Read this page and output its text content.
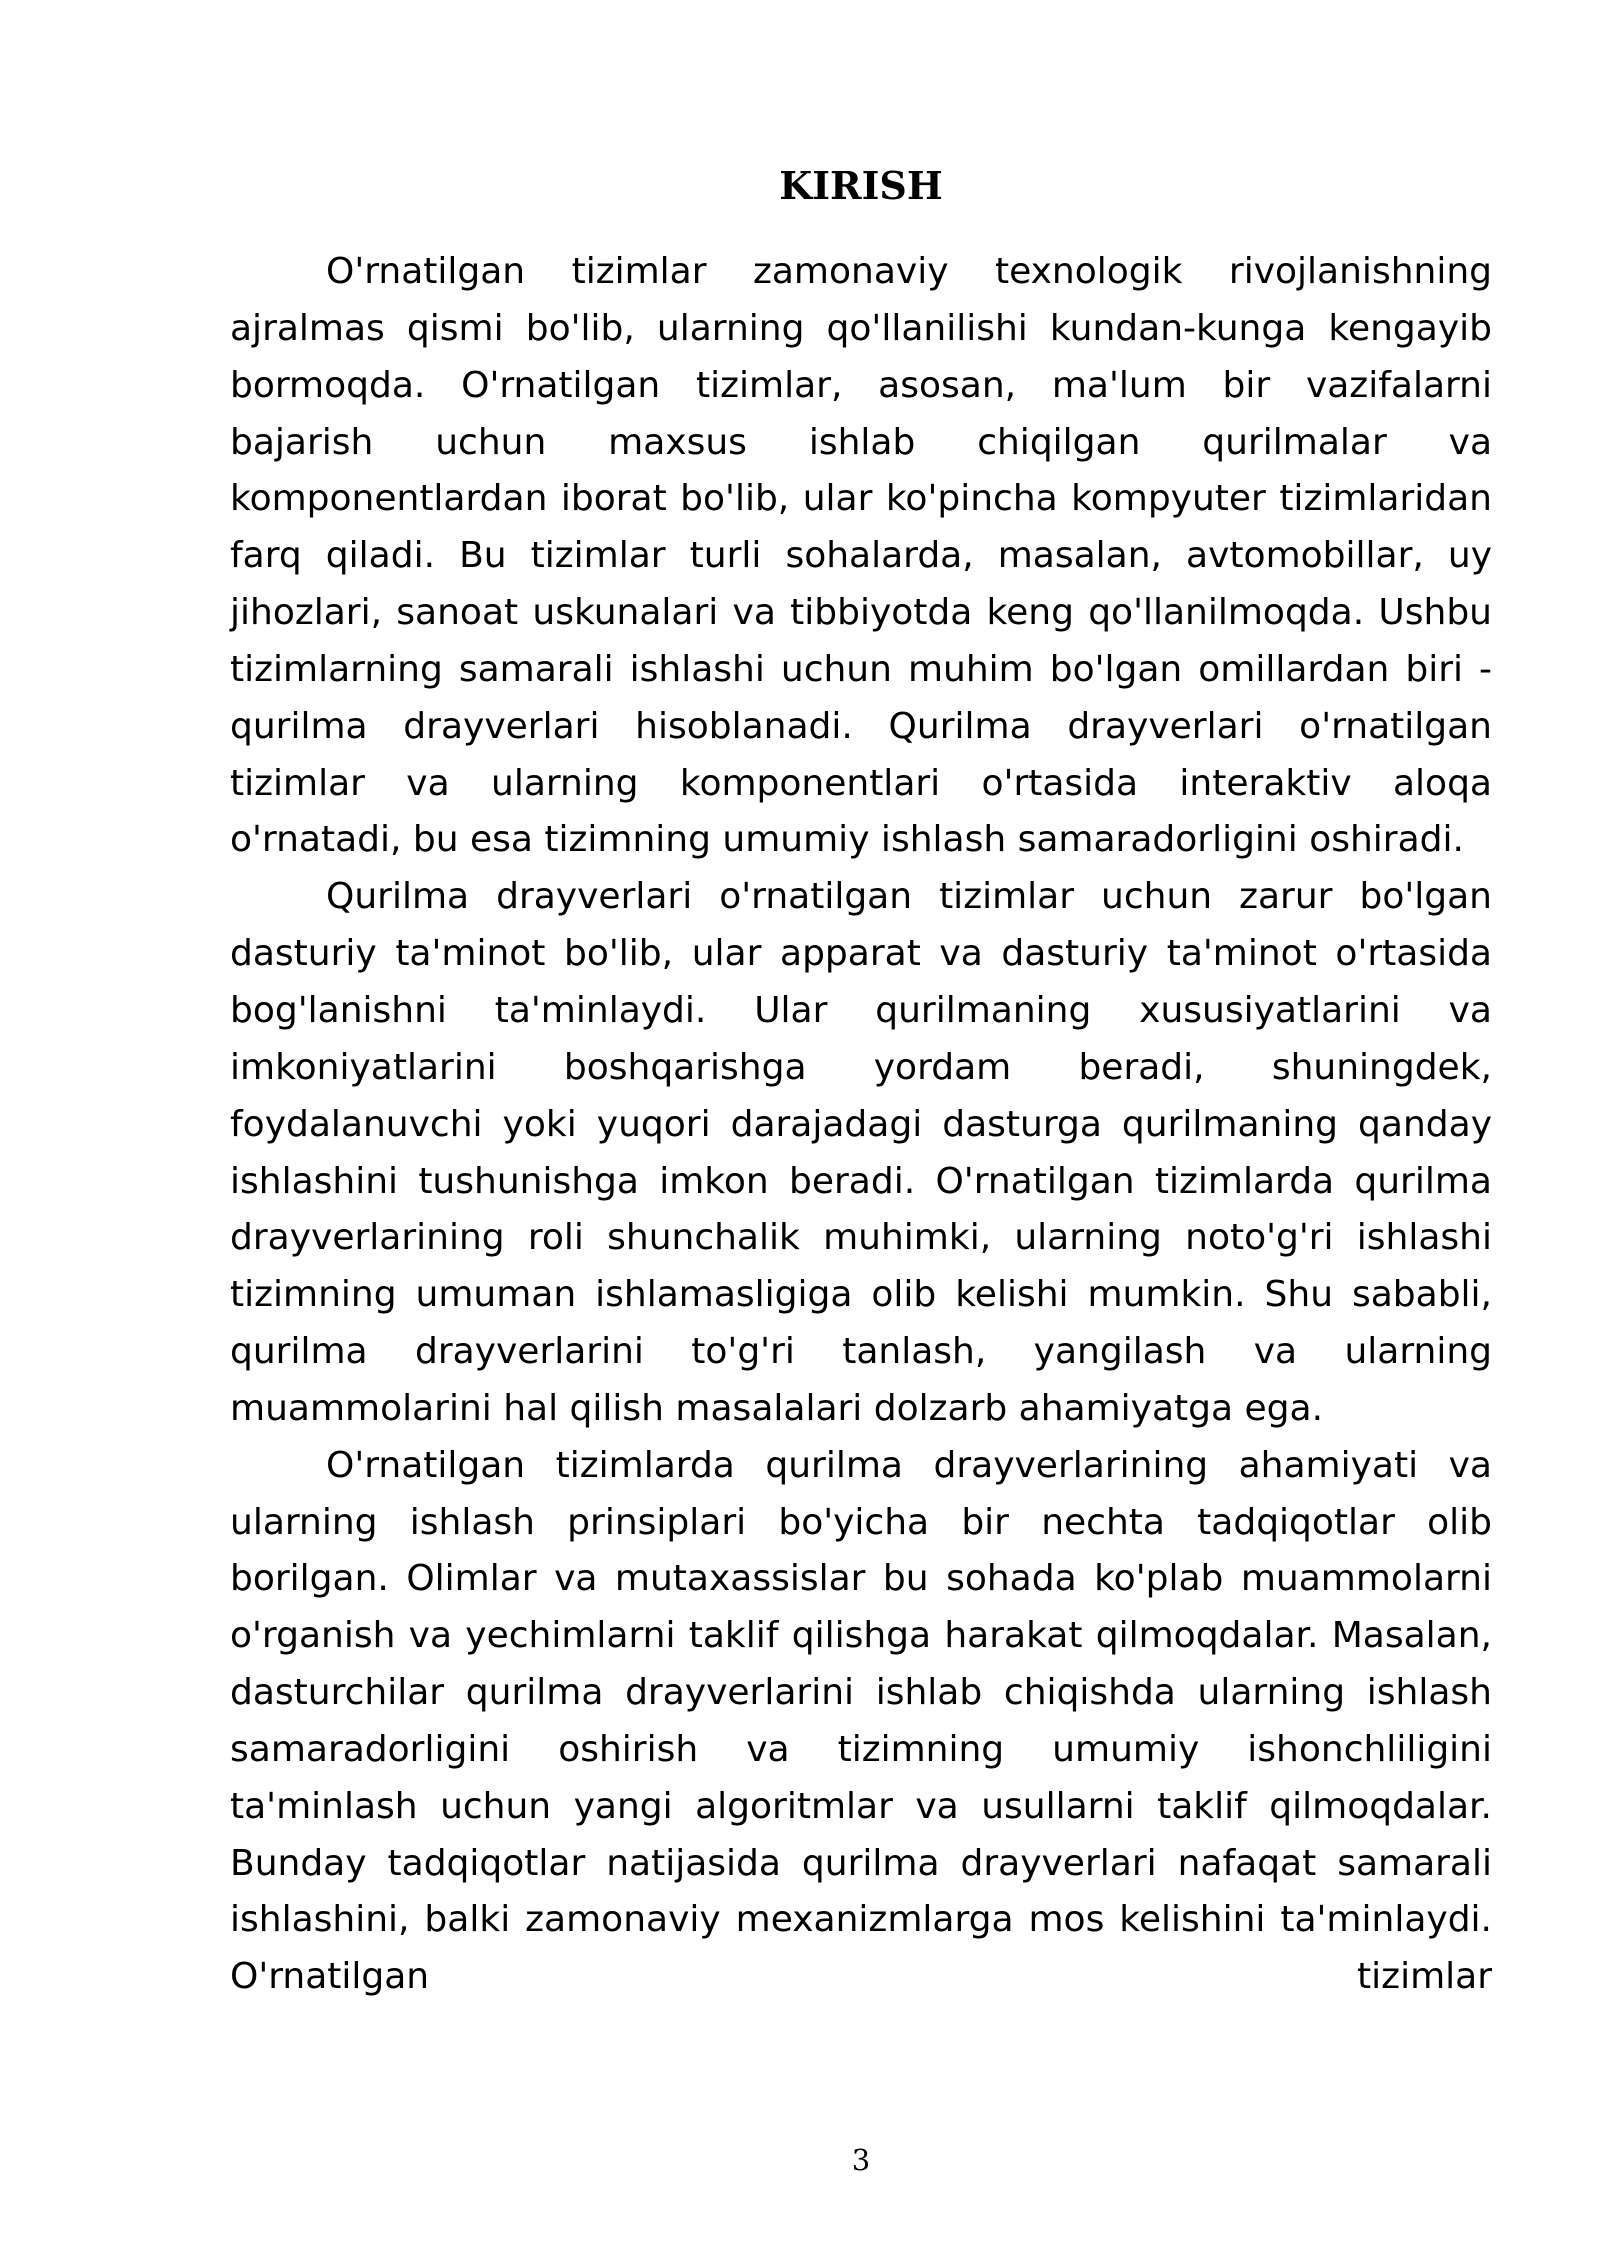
KIRISH

O'rnatilgan tizimlar zamonaviy texnologik rivojlanishning ajralmas qismi bo'lib, ularning qo'llanilishi kundan-kunga kengayib bormoqda. O'rnatilgan tizimlar, asosan, ma'lum bir vazifalarni bajarish uchun maxsus ishlab chiqilgan qurilmalar va komponentlardan iborat bo'lib, ular ko'pincha kompyuter tizimlaridan farq qiladi. Bu tizimlar turli sohalarda, masalan, avtomobillar, uy jihozlari, sanoat uskunalari va tibbiyotda keng qo'llanilmoqda. Ushbu tizimlarning samarali ishlashi uchun muhim bo'lgan omillardan biri - qurilma drayverlari hisoblanadi. Qurilma drayverlari o'rnatilgan tizimlar va ularning komponentlari o'rtasida interaktiv aloqa o'rnatadi, bu esa tizimning umumiy ishlash samaradorligini oshiradi.

Qurilma drayverlari o'rnatilgan tizimlar uchun zarur bo'lgan dasturiy ta'minot bo'lib, ular apparat va dasturiy ta'minot o'rtasida bog'lanishni ta'minlaydi. Ular qurilmaning xususiyatlarini va imkoniyatlarini boshqarishga yordam beradi, shuningdek, foydalanuvchi yoki yuqori darajadagi dasturga qurilmaning qanday ishlashini tushunishga imkon beradi. O'rnatilgan tizimlarda qurilma drayverlarining roli shunchalik muhimki, ularning noto'g'ri ishlashi tizimning umuman ishlamasligiga olib kelishi mumkin. Shu sababli, qurilma drayverlarini to'g'ri tanlash, yangilash va ularning muammolarini hal qilish masalalari dolzarb ahamiyatga ega.

O'rnatilgan tizimlarda qurilma drayverlarining ahamiyati va ularning ishlash prinsiplari bo'yicha bir nechta tadqiqotlar olib borilgan. Olimlar va mutaxassislar bu sohada ko'plab muammolarni o'rganish va yechimlarni taklif qilishga harakat qilmoqdalar. Masalan, dasturchilar qurilma drayverlarini ishlab chiqishda ularning ishlash samaradorligini oshirish va tizimning umumiy ishonchliligini ta'minlash uchun yangi algoritmlar va usullarni taklif qilmoqdalar. Bunday tadqiqotlar natijasida qurilma drayverlari nafaqat samarali ishlashini, balki zamonaviy mexanizmlarga mos kelishini ta'minlaydi. O'rnatilgan tizimlar

3
